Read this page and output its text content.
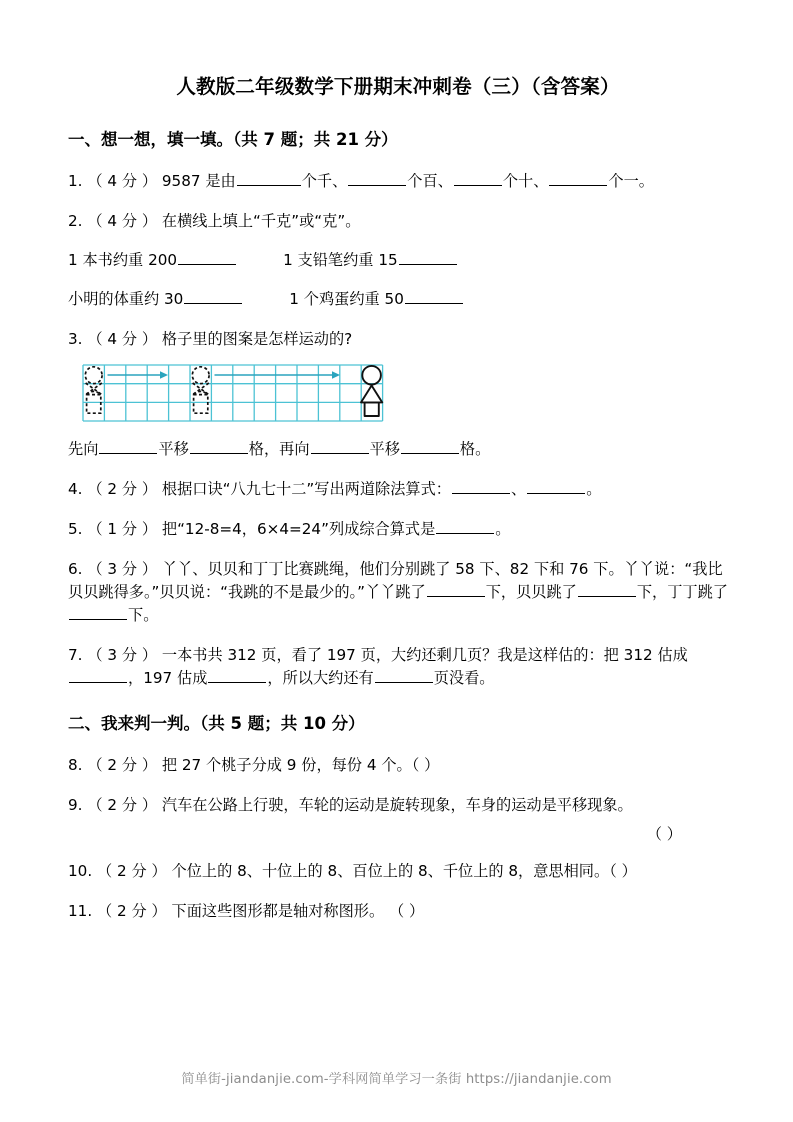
人教版二年级数学下册期末冲刺卷（三）（含答案）
一、想一想，填一填。（共 7 题；共 21 分）
1. （ 4 分 ） 9587 是由	个千、	个百、	个十、	个一。
2. （ 4 分 ） 在横线上填上“千克”或“克”。
1 本书约重 200	1 支铅笔约重 15
小明的体重约 30	1 个鸡蛋约重 50
3. （ 4 分 ） 格子里的图案是怎样运动的?
先向	平移	格，再向	平移	格。
4. （ 2 分 ） 根据口诀“八九七十二”写出两道除法算式：	、	。
5. （ 1 分 ） 把“12-8=4，6×4=24”列成综合算式是	。
6. （ 3 分 ） 丫丫、贝贝和丁丁比赛跳绳，他们分别跳了 58 下、82 下和 76 下。丫丫说：“我比贝贝跳得多。”贝贝说：“我跳的不是最少的。”丫丫跳了	下，贝贝跳了	下，丁丁跳了下。
7. （ 3 分 ） 一本书共 312 页，看了 197 页，大约还剩几页？我是这样估的：把 312 估成，197 估成	，所以大约还有	页没看。
二、我来判一判。（共 5 题；共 10 分）
8. （ 2 分 ） 把 27 个桃子分成 9 份，每份 4 个。（ ）
9. （ 2 分 ） 汽车在公路上行驶，车轮的运动是旋转现象，车身的运动是平移现象。
（ ）
10. （ 2 分 ） 个位上的 8、十位上的 8、百位上的 8、千位上的 8，意思相同。（ ）
11. （ 2 分 ） 下面这些图形都是轴对称图形。 （ ）
简单街-jiandanjie.com-学科网简单学习一条街 https://jiandanjie.com
